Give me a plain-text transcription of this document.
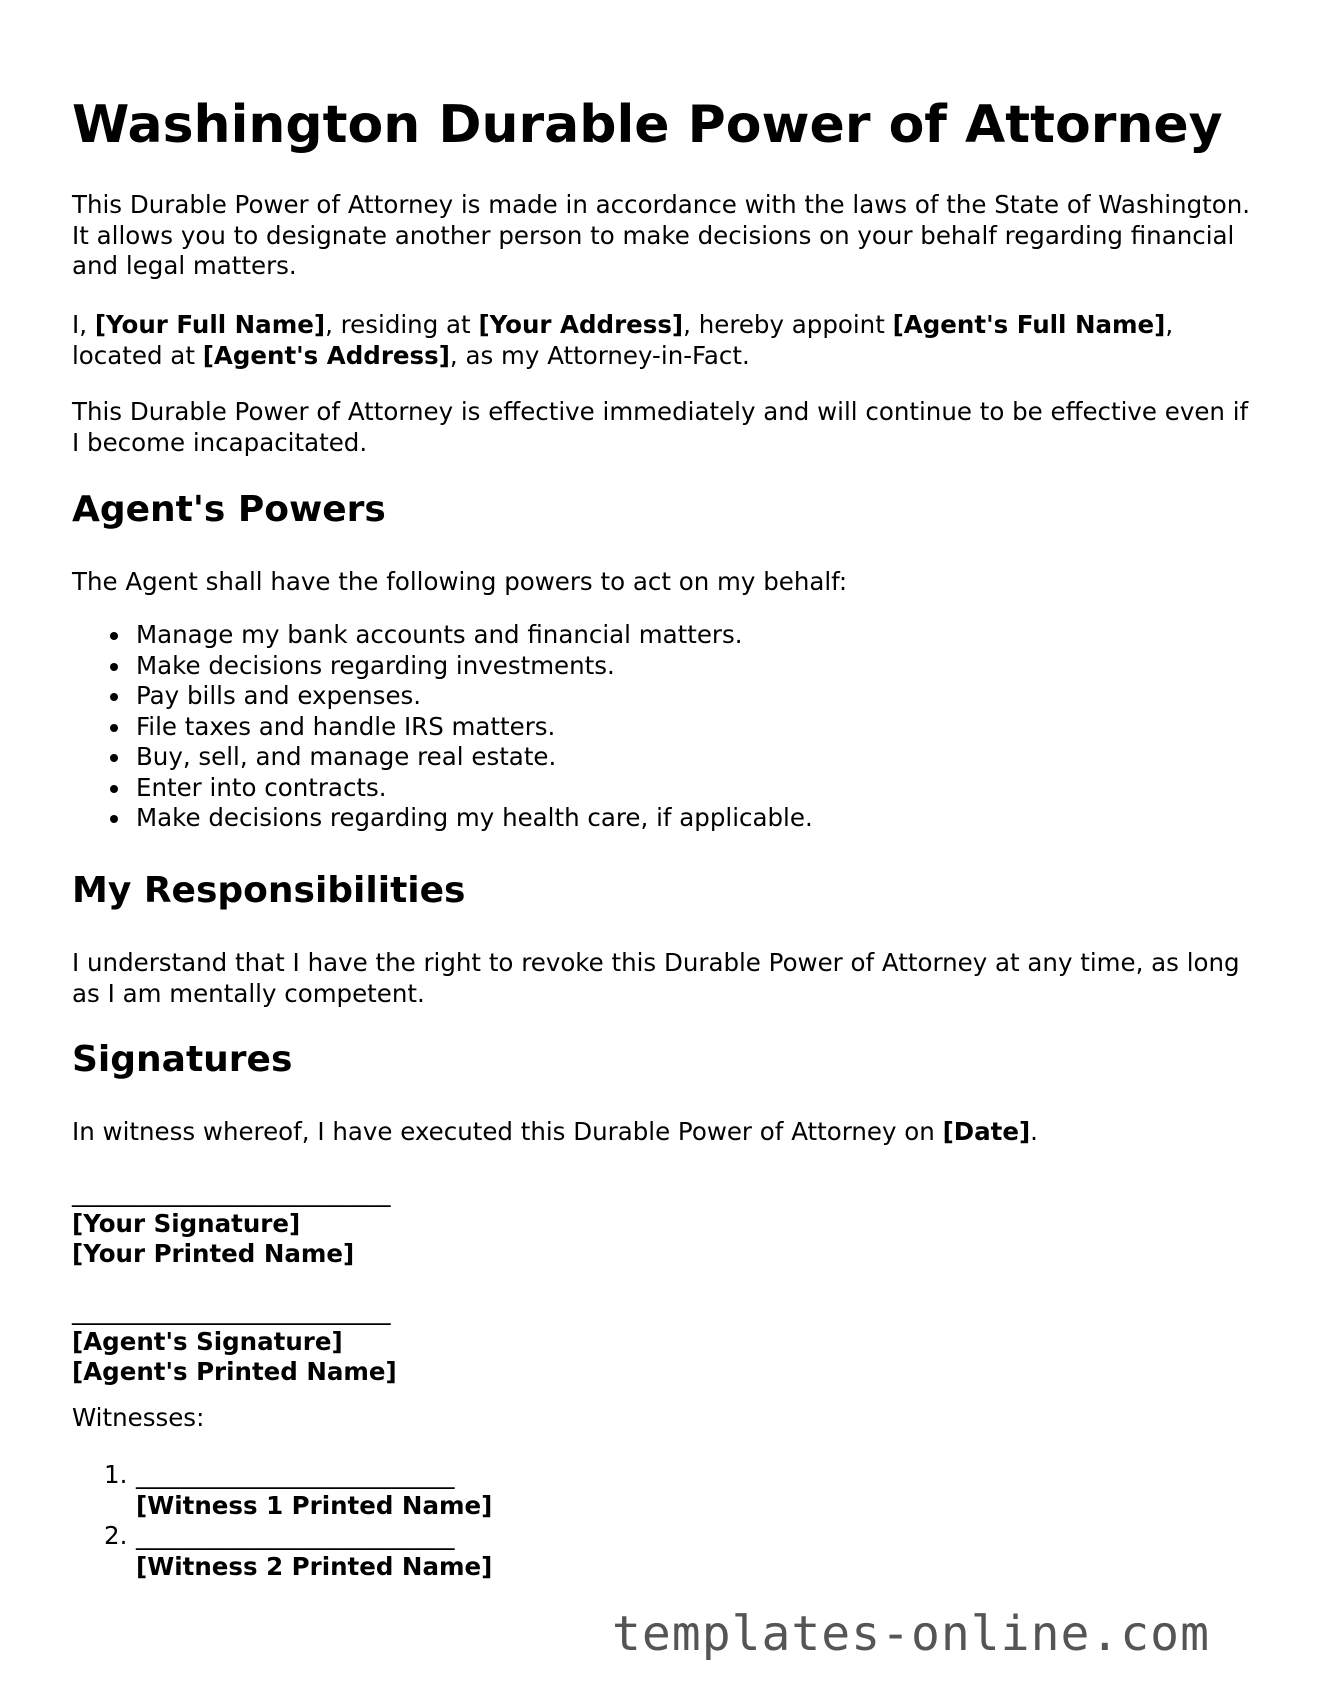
Washington Durable Power of Attorney

This Durable Power of Attorney is made in accordance with the laws of the State of Washington. It allows you to designate another person to make decisions on your behalf regarding financial and legal matters.

I, [Your Full Name], residing at [Your Address], hereby appoint [Agent's Full Name], located at [Agent's Address], as my Attorney-in-Fact.

This Durable Power of Attorney is effective immediately and will continue to be effective even if I become incapacitated.

Agent's Powers

The Agent shall have the following powers to act on my behalf:

Manage my bank accounts and financial matters.
Make decisions regarding investments.
Pay bills and expenses.
File taxes and handle IRS matters.
Buy, sell, and manage real estate.
Enter into contracts.
Make decisions regarding my health care, if applicable.
My Responsibilities

I understand that I have the right to revoke this Durable Power of Attorney at any time, as long as I am mentally competent.

Signatures

In witness whereof, I have executed this Durable Power of Attorney on [Date].

__________________________
[Your Signature]
[Your Printed Name]
__________________________
[Agent's Signature]
[Agent's Printed Name]

Witnesses:

1. __________________________
[Witness 1 Printed Name]
2. __________________________
[Witness 2 Printed Name]
templates-online.com
